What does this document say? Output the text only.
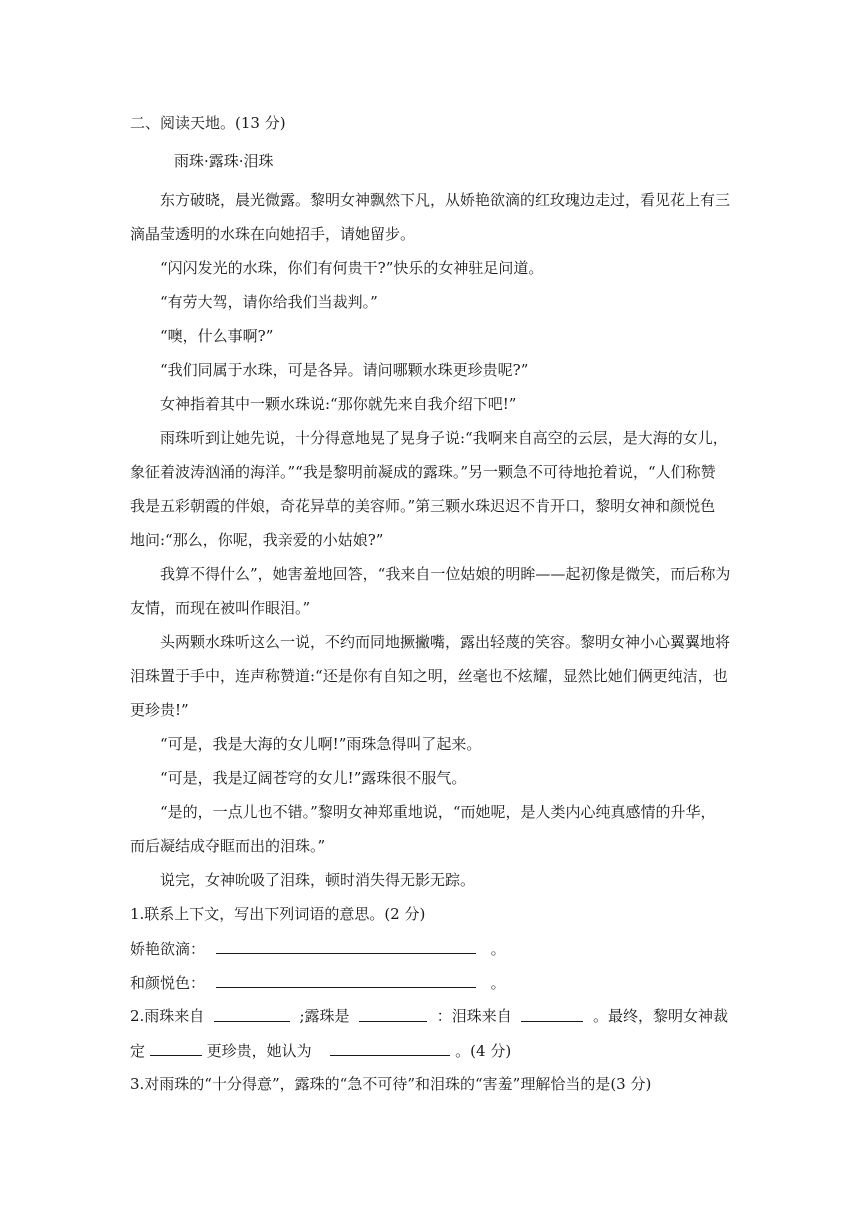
二、阅读天地。(13 分)
雨珠·露珠·泪珠
东方破晓，晨光微露。黎明女神飘然下凡，从娇艳欲滴的红玫瑰边走过，看见花上有三
滴晶莹透明的水珠在向她招手，请她留步。
“闪闪发光的水珠，你们有何贵干?”快乐的女神驻足问道。
“有劳大驾，请你给我们当裁判。”
“噢，什么事啊?”
“我们同属于水珠，可是各异。请问哪颗水珠更珍贵呢?”
女神指着其中一颗水珠说:“那你就先来自我介绍下吧!”
雨珠听到让她先说，十分得意地晃了晃身子说:“我啊来自高空的云层，是大海的女儿，
象征着波涛汹涌的海洋。”“我是黎明前凝成的露珠。”另一颗急不可待地抢着说，“人们称赞
我是五彩朝霞的伴娘，奇花异草的美容师。”第三颗水珠迟迟不肯开口，黎明女神和颜悦色
地问:“那么，你呢，我亲爱的小姑娘?”
我算不得什么”，她害羞地回答，“我来自一位姑娘的明眸——起初像是微笑，而后称为
友情，而现在被叫作眼泪。”
头两颗水珠听这么一说，不约而同地撅撇嘴，露出轻蔑的笑容。黎明女神小心翼翼地将
泪珠置于手中，连声称赞道:“还是你有自知之明，丝毫也不炫耀，显然比她们俩更纯洁，也
更珍贵!”
“可是，我是大海的女儿啊!”雨珠急得叫了起来。
“可是，我是辽阔苍穹的女儿!”露珠很不服气。
“是的，一点儿也不错。”黎明女神郑重地说，“而她呢，是人类内心纯真感情的升华，
而后凝结成夺眶而出的泪珠。”
说完，女神吮吸了泪珠，顿时消失得无影无踪。
1.联系上下文，写出下列词语的意思。(2 分)
娇艳欲滴：	。
和颜悦色：	。
2.雨珠来自	;露珠是	：泪珠来自	。最终，黎明女神裁
定	更珍贵，她认为	。(4 分)
3.对雨珠的“十分得意”，露珠的“急不可待”和泪珠的“害羞”理解恰当的是(3 分)
